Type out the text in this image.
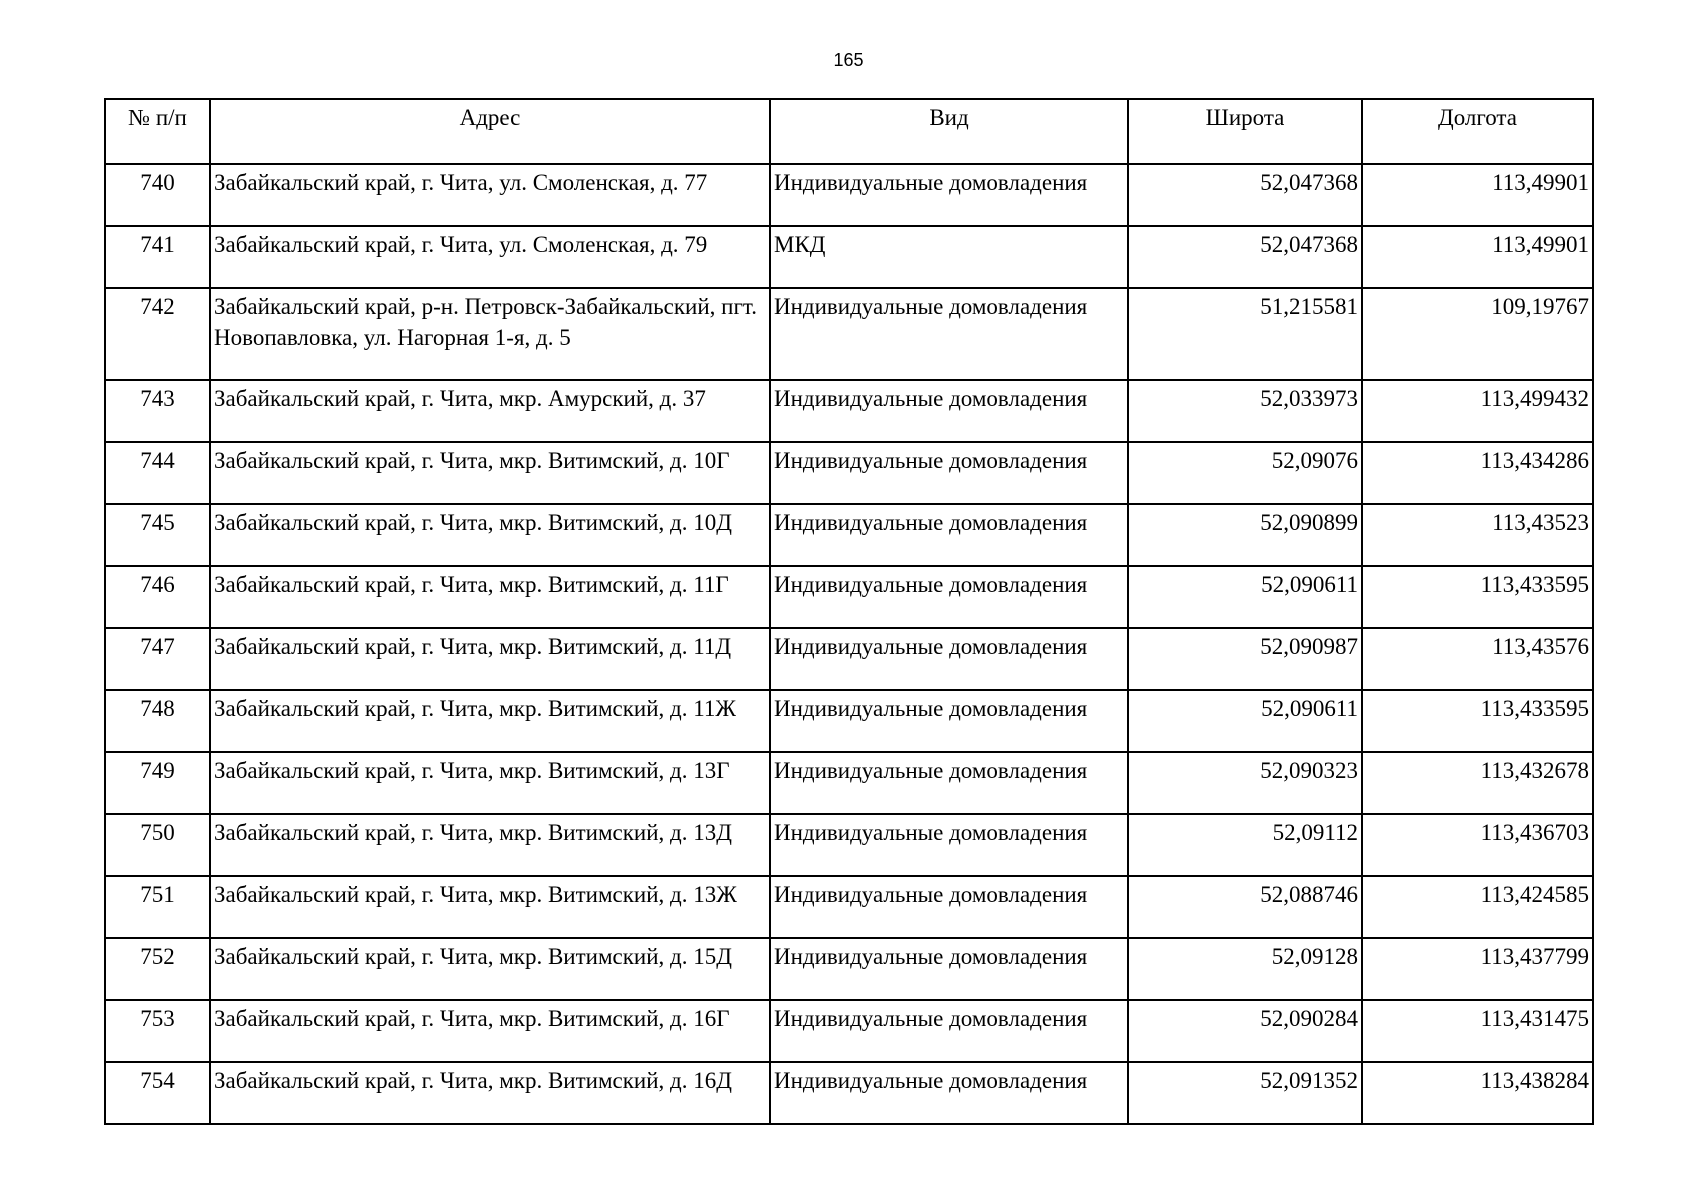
165
№ п/п	Адрес	Вид	Широта	Долгота
740	Забайкальский край, г. Чита, ул. Смоленская, д. 77	Индивидуальные домовладения	52,047368	113,49901
741	Забайкальский край, г. Чита, ул. Смоленская, д. 79	МКД	52,047368	113,49901
742	Забайкальский край, р-н. Петровск-Забайкальский, пгт. Новопавловка, ул. Нагорная 1-я, д. 5	Индивидуальные домовладения	51,215581	109,19767
743	Забайкальский край, г. Чита, мкр. Амурский, д. 37	Индивидуальные домовладения	52,033973	113,499432
744	Забайкальский край, г. Чита, мкр. Витимский, д. 10Г	Индивидуальные домовладения	52,09076	113,434286
745	Забайкальский край, г. Чита, мкр. Витимский, д. 10Д	Индивидуальные домовладения	52,090899	113,43523
746	Забайкальский край, г. Чита, мкр. Витимский, д. 11Г	Индивидуальные домовладения	52,090611	113,433595
747	Забайкальский край, г. Чита, мкр. Витимский, д. 11Д	Индивидуальные домовладения	52,090987	113,43576
748	Забайкальский край, г. Чита, мкр. Витимский, д. 11Ж	Индивидуальные домовладения	52,090611	113,433595
749	Забайкальский край, г. Чита, мкр. Витимский, д. 13Г	Индивидуальные домовладения	52,090323	113,432678
750	Забайкальский край, г. Чита, мкр. Витимский, д. 13Д	Индивидуальные домовладения	52,09112	113,436703
751	Забайкальский край, г. Чита, мкр. Витимский, д. 13Ж	Индивидуальные домовладения	52,088746	113,424585
752	Забайкальский край, г. Чита, мкр. Витимский, д. 15Д	Индивидуальные домовладения	52,09128	113,437799
753	Забайкальский край, г. Чита, мкр. Витимский, д. 16Г	Индивидуальные домовладения	52,090284	113,431475
754	Забайкальский край, г. Чита, мкр. Витимский, д. 16Д	Индивидуальные домовладения	52,091352	113,438284
